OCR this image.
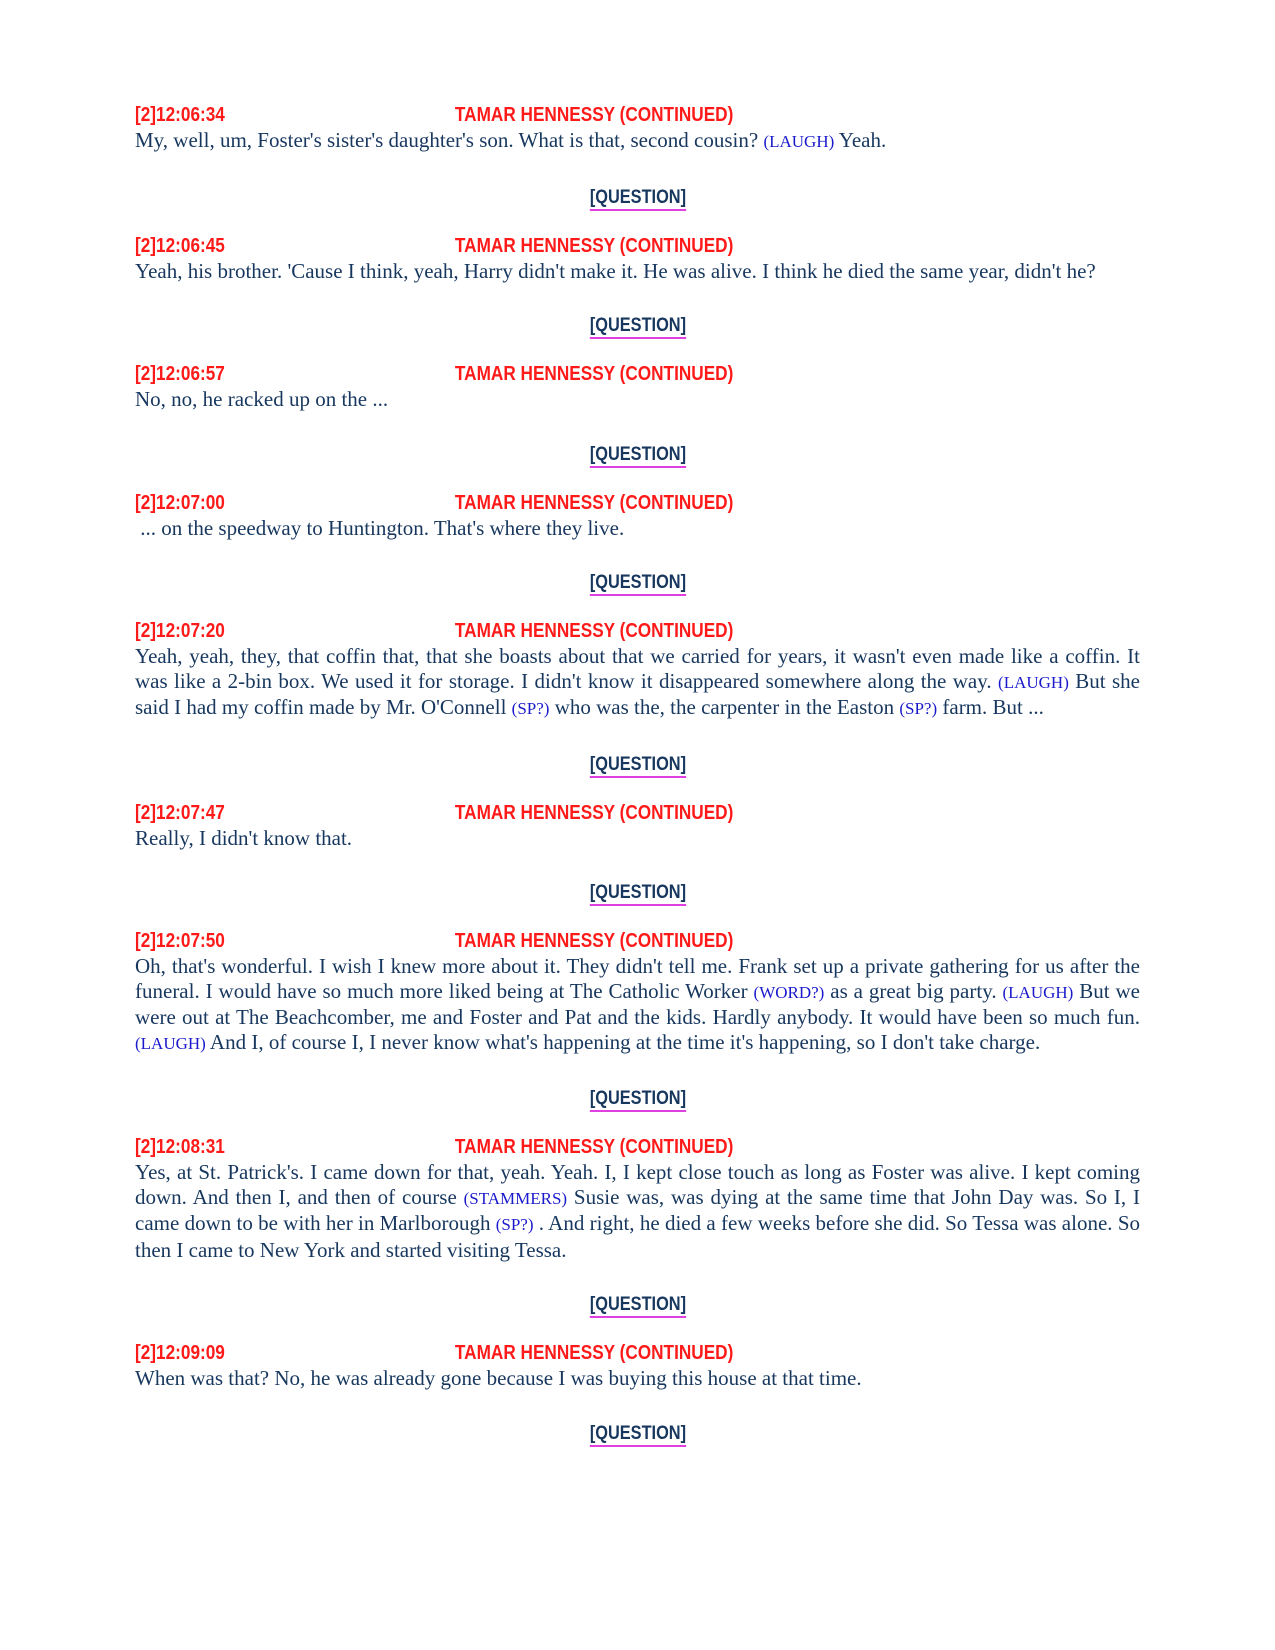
[2]12:06:34	TAMAR HENNESSY (CONTINUED)

My, well, um, Foster's sister's daughter's son. What is that, second cousin? (LAUGH) Yeah.

[QUESTION]
[2]12:06:45	TAMAR HENNESSY (CONTINUED)

Yeah, his brother. 'Cause I think, yeah, Harry didn't make it. He was alive. I think he died the same year, didn't he?

[QUESTION]
[2]12:06:57	TAMAR HENNESSY (CONTINUED)

No, no, he racked up on the ...

[QUESTION]
[2]12:07:00	TAMAR HENNESSY (CONTINUED)

... on the speedway to Huntington. That's where they live.

[QUESTION]
[2]12:07:20	TAMAR HENNESSY (CONTINUED)

Yeah, yeah, they, that coffin that, that she boasts about that we carried for years, it wasn't even made like a coffin. It was like a 2-bin box. We used it for storage. I didn't know it disappeared somewhere along the way. (LAUGH) But she said I had my coffin made by Mr. O'Connell (SP?) who was the, the carpenter in the Easton (SP?) farm. But ...

[QUESTION]
[2]12:07:47	TAMAR HENNESSY (CONTINUED)

Really, I didn't know that.

[QUESTION]
[2]12:07:50	TAMAR HENNESSY (CONTINUED)

Oh, that's wonderful. I wish I knew more about it. They didn't tell me. Frank set up a private gathering for us after the funeral. I would have so much more liked being at The Catholic Worker (WORD?) as a great big party. (LAUGH) But we were out at The Beachcomber, me and Foster and Pat and the kids. Hardly anybody. It would have been so much fun. (LAUGH) And I, of course I, I never know what's happening at the time it's happening, so I don't take charge.

[QUESTION]
[2]12:08:31	TAMAR HENNESSY (CONTINUED)

Yes, at St. Patrick's. I came down for that, yeah. Yeah. I, I kept close touch as long as Foster was alive. I kept coming down. And then I, and then of course (STAMMERS) Susie was, was dying at the same time that John Day was. So I, I came down to be with her in Marlborough (SP?) . And right, he died a few weeks before she did. So Tessa was alone. So then I came to New York and started visiting Tessa.

[QUESTION]
[2]12:09:09	TAMAR HENNESSY (CONTINUED)

When was that? No, he was already gone because I was buying this house at that time.

[QUESTION]
